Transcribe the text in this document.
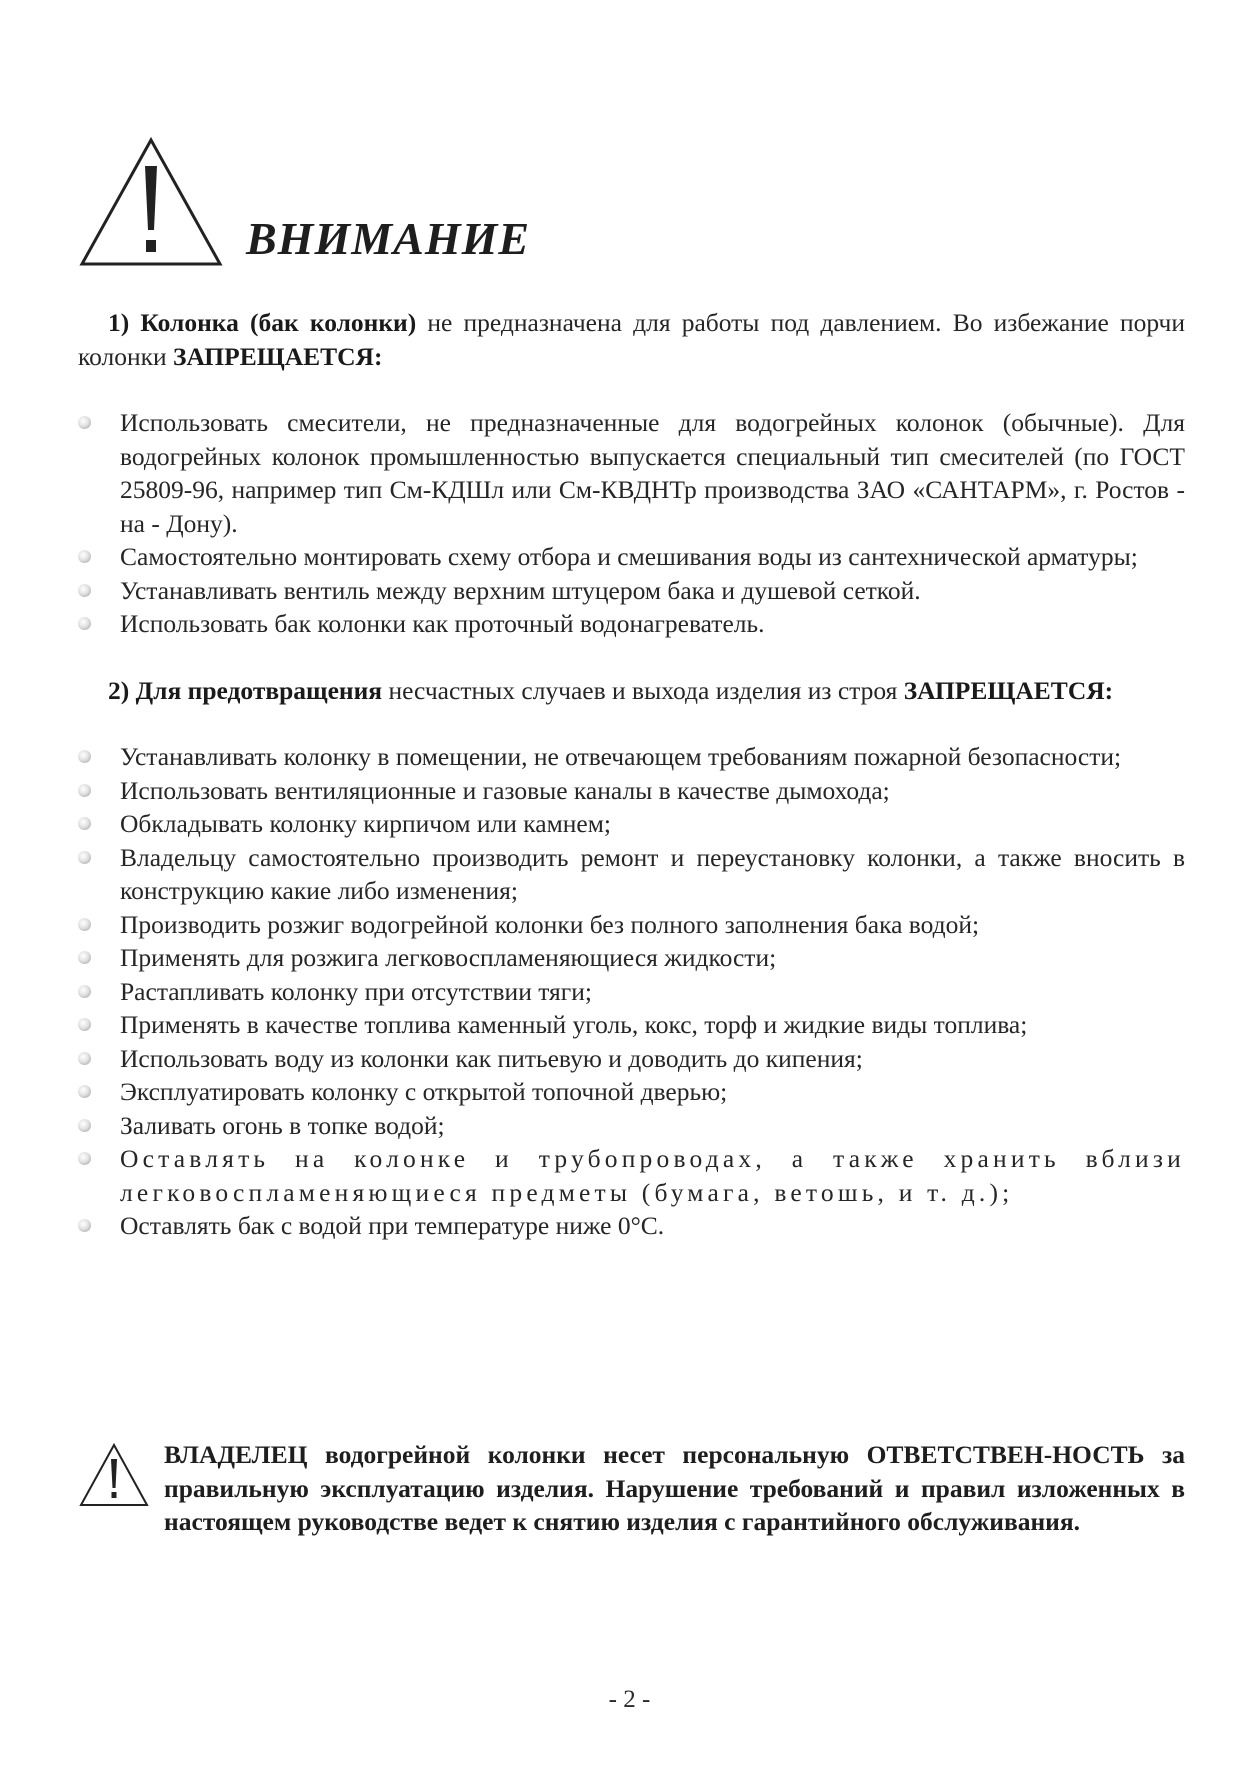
ВНИМАНИЕ

1) Колонка (бак колонки) не предназначена для работы под давлением. Во избежание порчи колонки ЗАПРЕЩАЕТСЯ:

Использовать смесители, не предназначенные для водогрейных колонок (обычные). Для водогрейных колонок промышленностью выпускается специальный тип смесителей (по ГОСТ 25809-96, например тип См-КДШл или См-КВДНТр производства ЗАО «САНТАРМ», г. Ростов - на - Дону).
Самостоятельно монтировать схему отбора и смешивания воды из сантехнической арматуры;
Устанавливать вентиль между верхним штуцером бака и душевой сеткой.
Использовать бак колонки как проточный водонагреватель.

2) Для предотвращения несчастных случаев и выхода изделия из строя ЗАПРЕЩАЕТСЯ:

Устанавливать колонку в помещении, не отвечающем требованиям пожарной безопасности;
Использовать вентиляционные и газовые каналы в качестве дымохода;
Обкладывать колонку кирпичом или камнем;
Владельцу самостоятельно производить ремонт и переустановку колонки, а также вносить в конструкцию какие либо изменения;
Производить розжиг водогрейной колонки без полного заполнения бака водой;
Применять для розжига легковоспламеняющиеся жидкости;
Растапливать колонку при отсутствии тяги;
Применять в качестве топлива каменный уголь, кокс, торф и жидкие виды топлива;
Использовать воду из колонки как питьевую и доводить до кипения;
Эксплуатировать колонку с открытой топочной дверью;
Заливать огонь в топке водой;
Оставлять на колонке и трубопроводах, а также хранить вблизи легковоспламеняющиеся предметы (бумага, ветошь, и т. д.);
Оставлять бак с водой при температуре ниже 0°С.
ВЛАДЕЛЕЦ водогрейной колонки несет персональную ОТВЕТСТВЕН-НОСТЬ за правильную эксплуатацию изделия. Нарушение требований и правил изложенных в настоящем руководстве ведет к снятию изделия с гарантийного обслуживания.
- 2 -
